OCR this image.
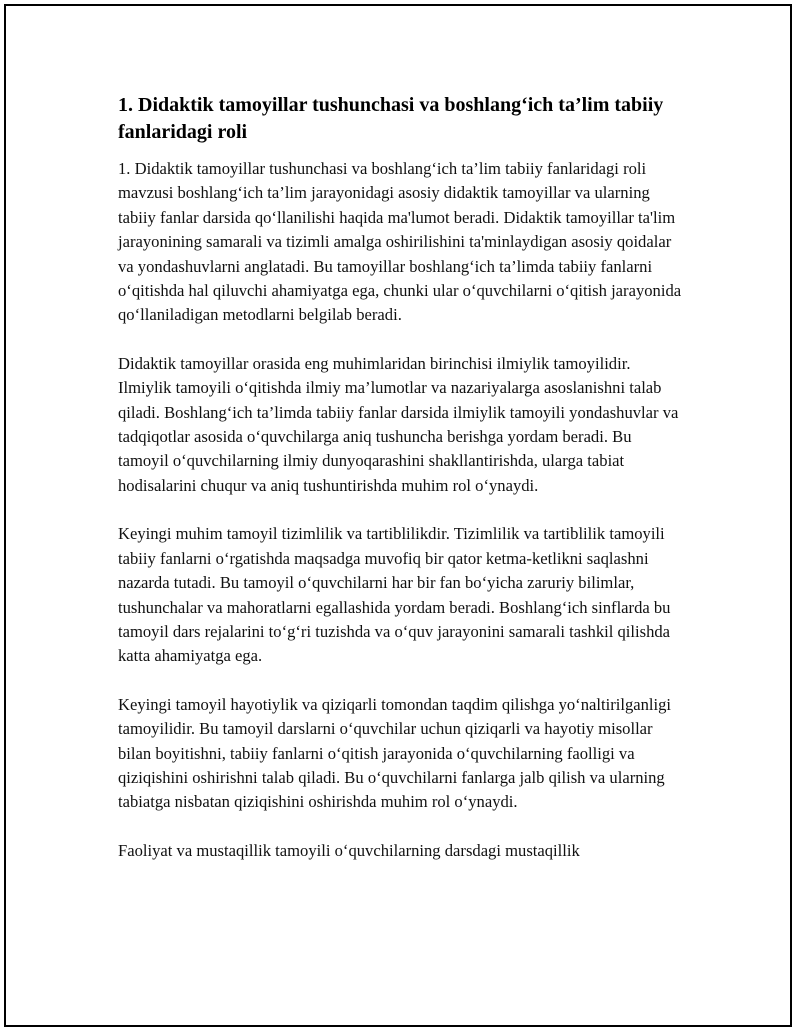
1. Didaktik tamoyillar tushunchasi va boshlang‘ich ta’lim tabiiy fanlaridagi roli

1. Didaktik tamoyillar tushunchasi va boshlang‘ich ta’lim tabiiy fanlaridagi roli mavzusi boshlang‘ich ta’lim jarayonidagi asosiy didaktik tamoyillar va ularning tabiiy fanlar darsida qo‘llanilishi haqida ma'lumot beradi. Didaktik tamoyillar ta'lim jarayonining samarali va tizimli amalga oshirilishini ta'minlaydigan asosiy qoidalar va yondashuvlarni anglatadi. Bu tamoyillar boshlang‘ich ta’limda tabiiy fanlarni o‘qitishda hal qiluvchi ahamiyatga ega, chunki ular o‘quvchilarni o‘qitish jarayonida qo‘llaniladigan metodlarni belgilab beradi.

Didaktik tamoyillar orasida eng muhimlaridan birinchisi ilmiylik tamoyilidir. Ilmiylik tamoyili o‘qitishda ilmiy ma’lumotlar va nazariyalarga asoslanishni talab qiladi. Boshlang‘ich ta’limda tabiiy fanlar darsida ilmiylik tamoyili yondashuvlar va tadqiqotlar asosida o‘quvchilarga aniq tushuncha berishga yordam beradi. Bu tamoyil o‘quvchilarning ilmiy dunyoqarashini shakllantirishda, ularga tabiat hodisalarini chuqur va aniq tushuntirishda muhim rol o‘ynaydi.

Keyingi muhim tamoyil tizimlilik va tartiblilikdir. Tizimlilik va tartiblilik tamoyili tabiiy fanlarni o‘rgatishda maqsadga muvofiq bir qator ketma-ketlikni saqlashni nazarda tutadi. Bu tamoyil o‘quvchilarni har bir fan bo‘yicha zaruriy bilimlar, tushunchalar va mahoratlarni egallashida yordam beradi. Boshlang‘ich sinflarda bu tamoyil dars rejalarini to‘g‘ri tuzishda va o‘quv jarayonini samarali tashkil qilishda katta ahamiyatga ega.

Keyingi tamoyil hayotiylik va qiziqarli tomondan taqdim qilishga yo‘naltirilganligi tamoyilidir. Bu tamoyil darslarni o‘quvchilar uchun qiziqarli va hayotiy misollar bilan boyitishni, tabiiy fanlarni o‘qitish jarayonida o‘quvchilarning faolligi va qiziqishini oshirishni talab qiladi. Bu o‘quvchilarni fanlarga jalb qilish va ularning tabiatga nisbatan qiziqishini oshirishda muhim rol o‘ynaydi.

Faoliyat va mustaqillik tamoyili o‘quvchilarning darsdagi mustaqillik
